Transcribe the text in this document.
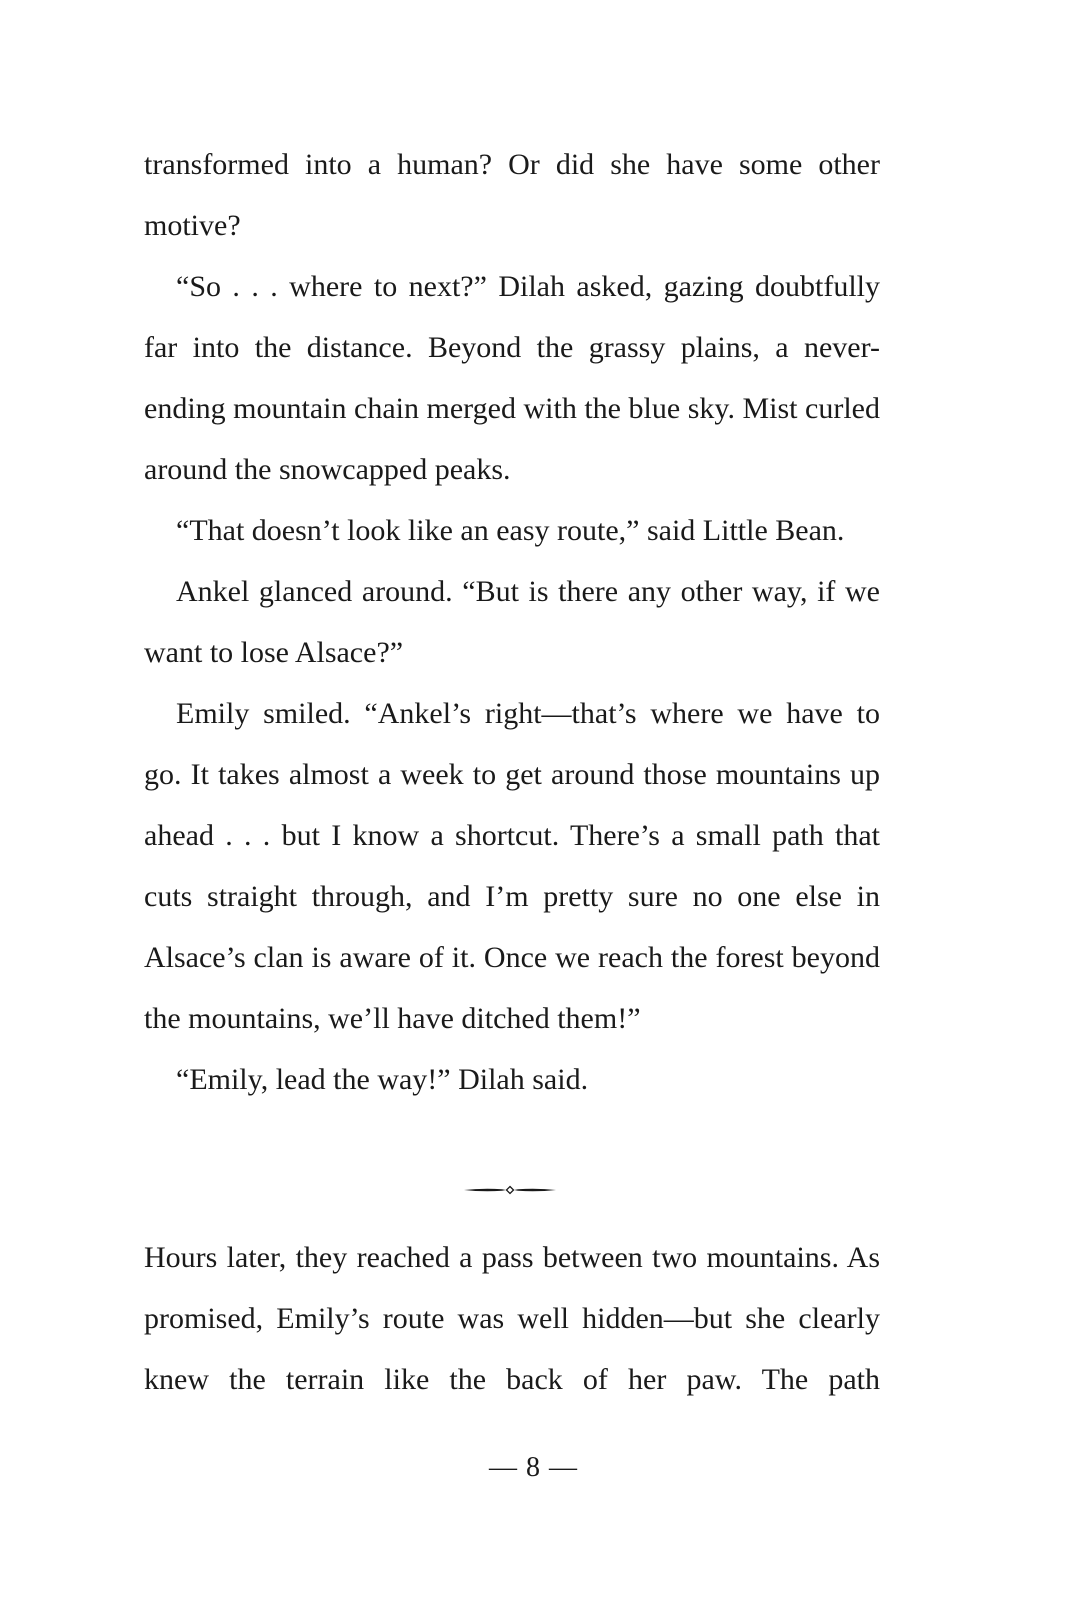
transformed into a human? Or did she have some other motive?

“So . . . where to next?” Dilah asked, gazing doubtfully far into the distance. Beyond the grassy plains, a never-ending mountain chain merged with the blue sky. Mist curled around the snowcapped peaks.

“That doesn’t look like an easy route,” said Little Bean.

Ankel glanced around. “But is there any other way, if we want to lose Alsace?”

Emily smiled. “Ankel’s right—that’s where we have to go. It takes almost a week to get around those mountains up ahead . . . but I know a shortcut. There’s a small path that cuts straight through, and I’m pretty sure no one else in Alsace’s clan is aware of it. Once we reach the forest beyond the mountains, we’ll have ditched them!”

“Emily, lead the way!” Dilah said.

Hours later, they reached a pass between two mountains. As promised, Emily’s route was well hidden—but she clearly knew the terrain like the back of her paw. The path

— 8 —
